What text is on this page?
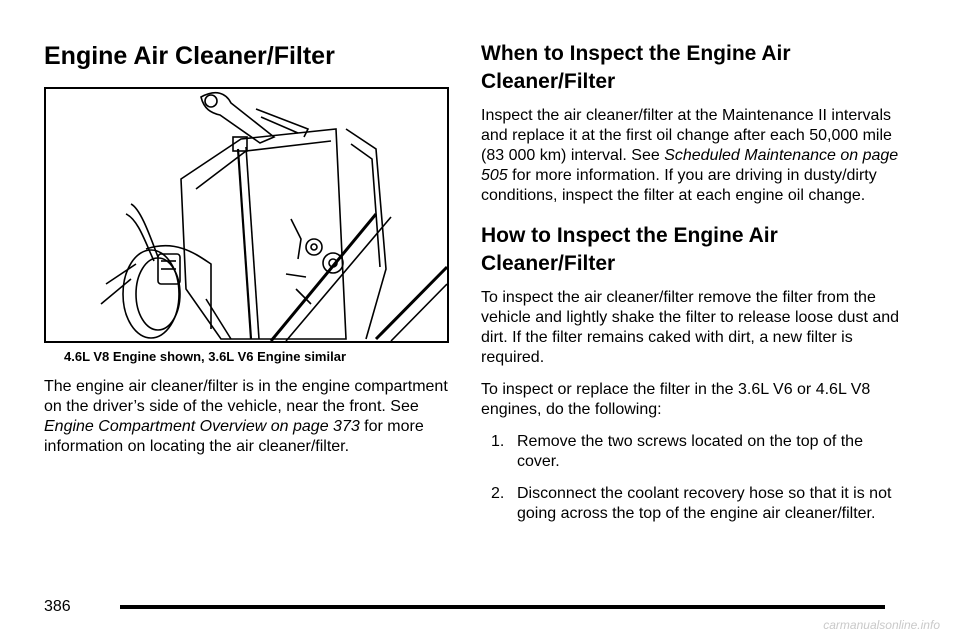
Engine Air Cleaner/Filter
4.6L V8 Engine shown, 3.6L V6 Engine similar

The engine air cleaner/filter is in the engine compartment on the driver’s side of the vehicle, near the front. See Engine Compartment Overview on page 373 for more information on locating the air cleaner/filter.

When to Inspect the Engine Air Cleaner/Filter

Inspect the air cleaner/filter at the Maintenance II intervals and replace it at the first oil change after each 50,000 mile (83 000 km) interval. See Scheduled Maintenance on page 505 for more information. If you are driving in dusty/dirty conditions, inspect the filter at each engine oil change.

How to Inspect the Engine Air Cleaner/Filter

To inspect the air cleaner/filter remove the filter from the vehicle and lightly shake the filter to release loose dust and dirt. If the filter remains caked with dirt, a new filter is required.

To inspect or replace the filter in the 3.6L V6 or 4.6L V8 engines, do the following:

1. Remove the two screws located on the top of the cover.
2. Disconnect the coolant recovery hose so that it is not going across the top of the engine air cleaner/filter.
386
carmanualsonline.info
